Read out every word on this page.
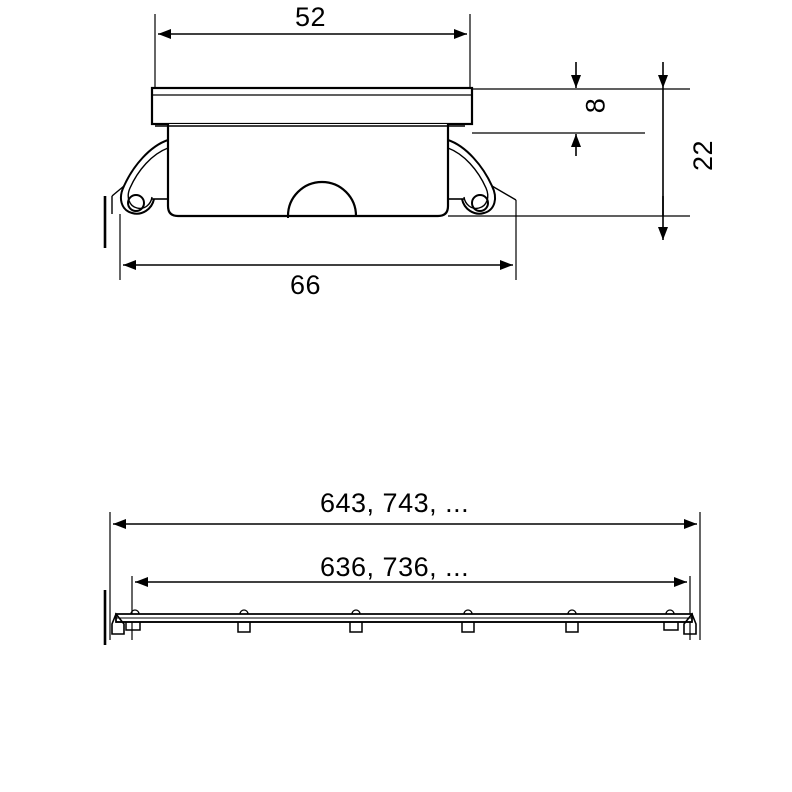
52
66
8
22
643, 743, ...
636, 736, ...
